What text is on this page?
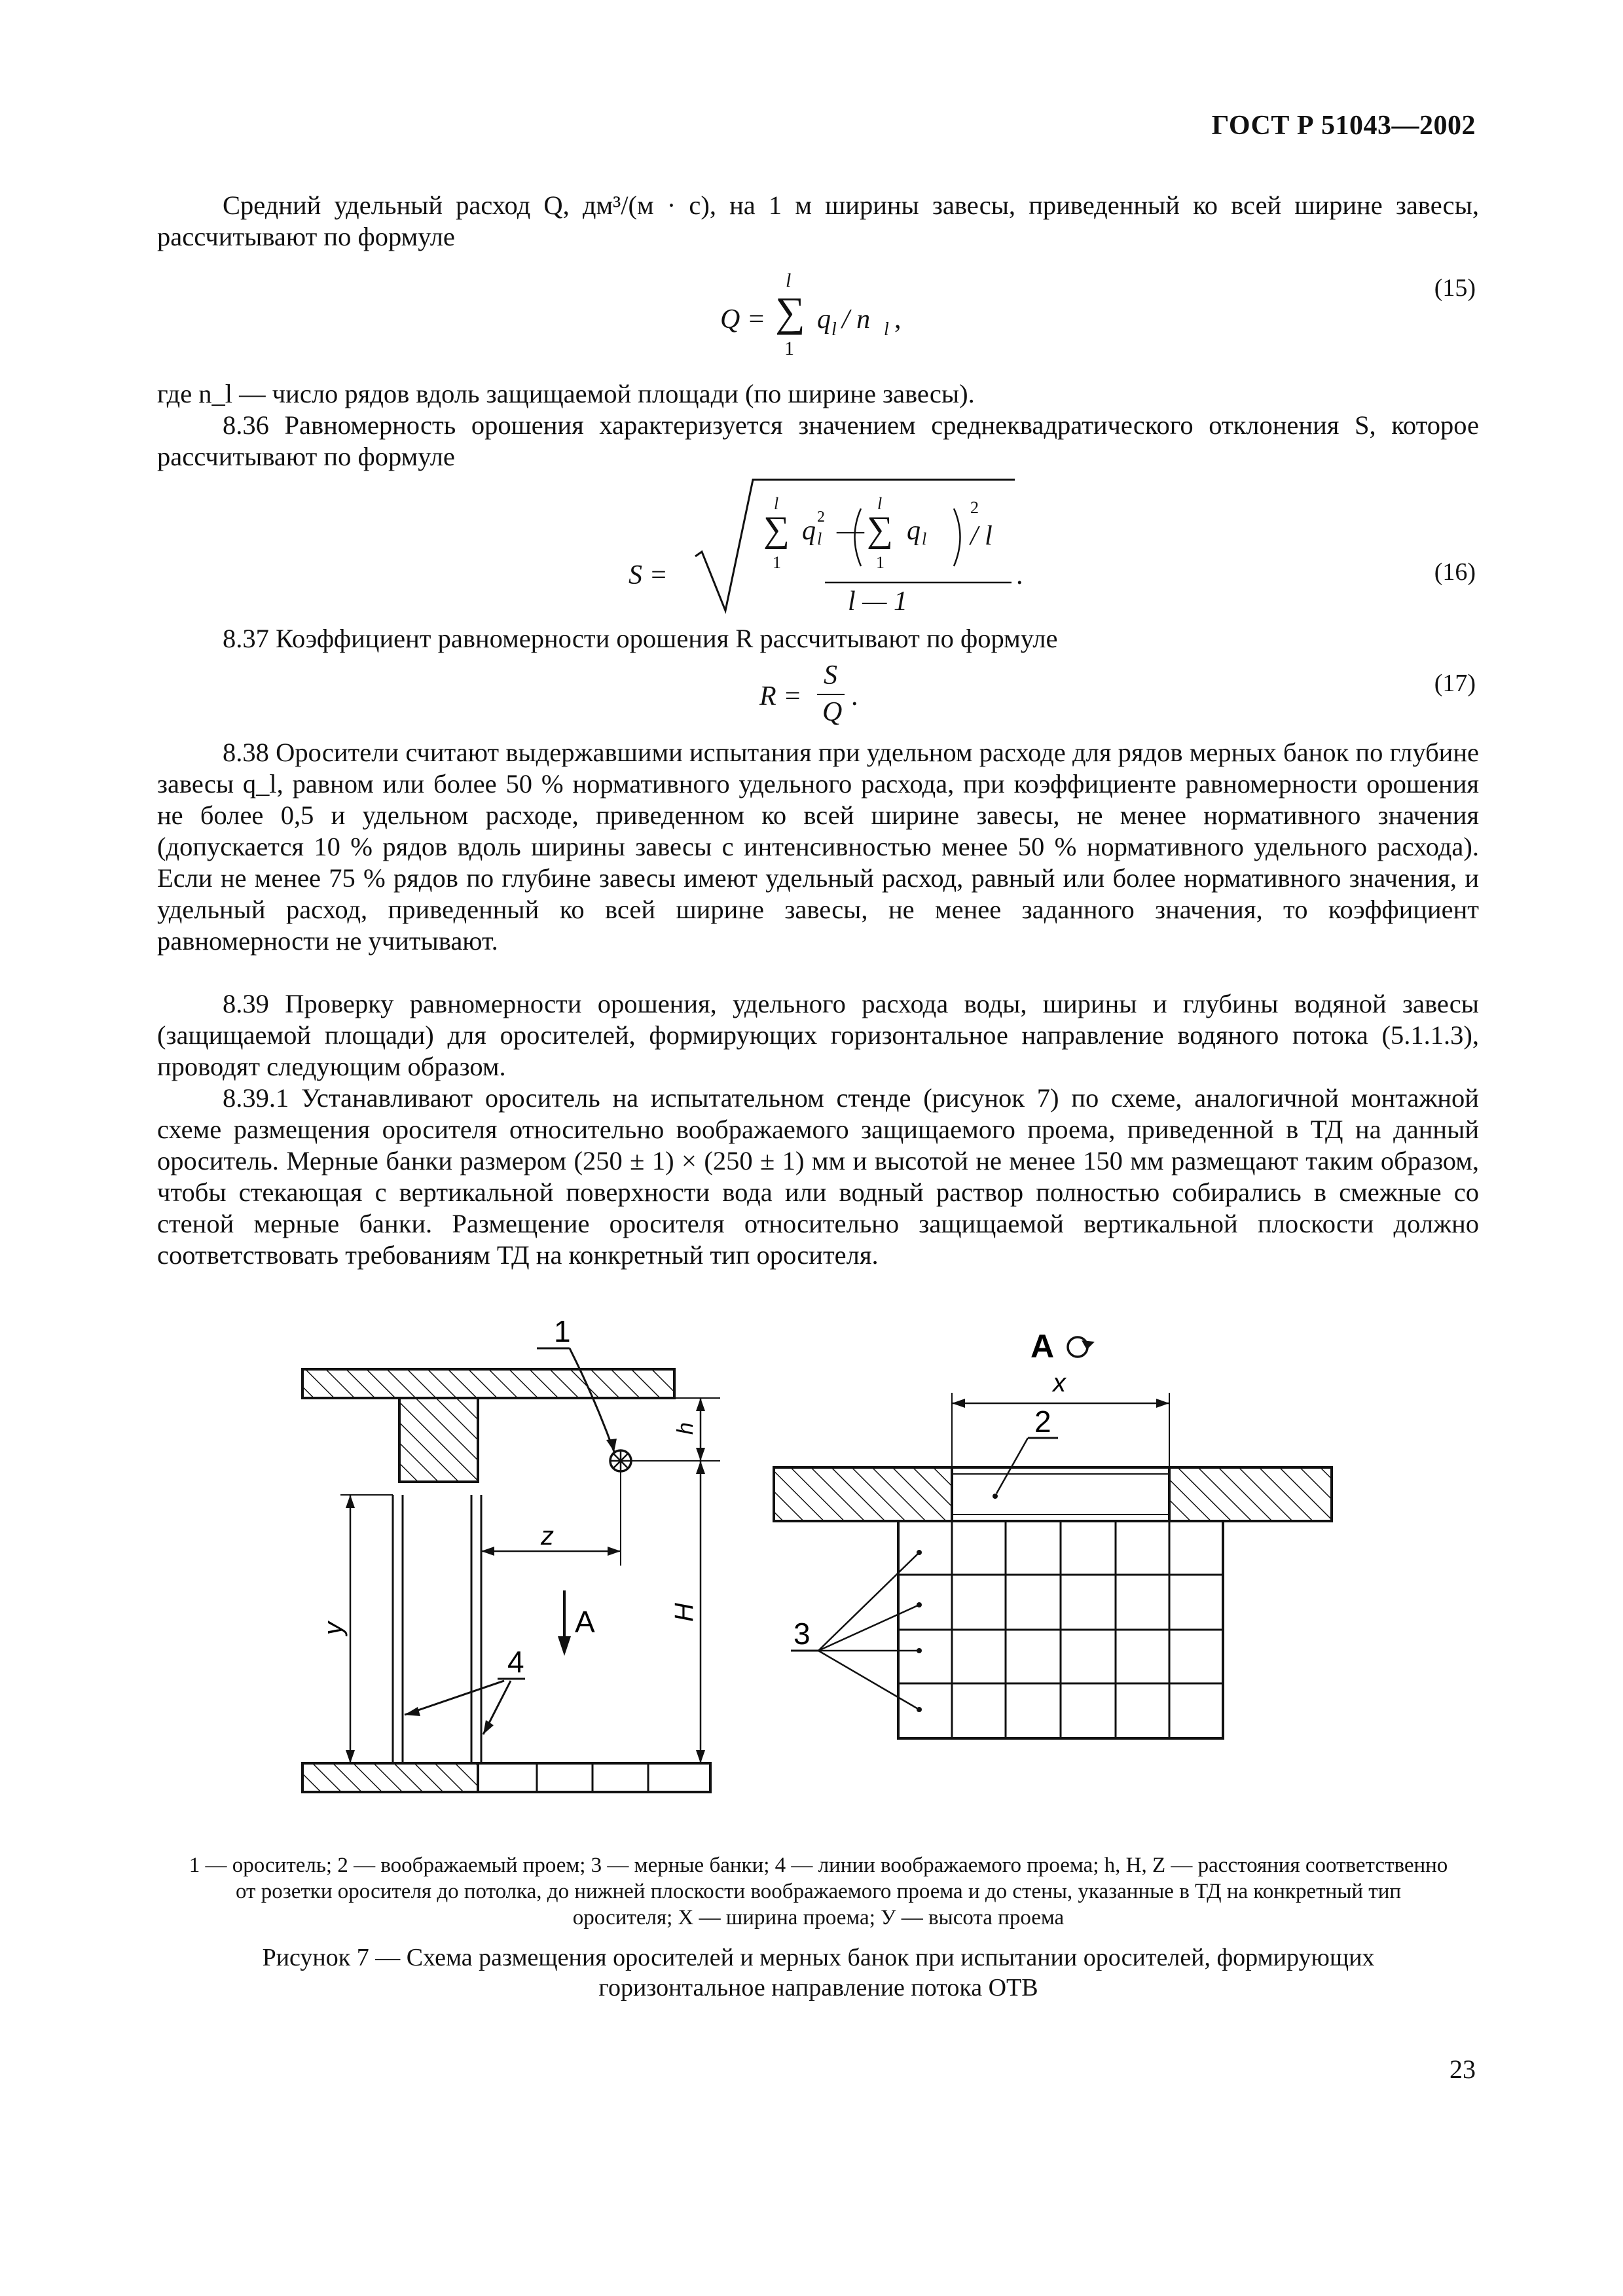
ГОСТ Р 51043—2002

Средний удельный расход Q, дм³/(м · с), на 1 м ширины завесы, приведенный ко всей ширине завесы, рассчитывают по формуле

Q =
l
∑
1
q l / n l ,
(15)

где n_l — число рядов вдоль защищаемой площади (по ширине завесы).

8.36 Равномерность орошения характеризуется значением среднеквадратического отклонения S, которое рассчитывают по формуле

S =
l
∑
1
q 2
l —
l
∑
1
q l
2
/ l
l — 1
.	(16)

8.37 Коэффициент равномерности орошения R рассчитывают по формуле

R =
S
Q
.	(17)

8.38 Оросители считают выдержавшими испытания при удельном расходе для рядов мерных банок по глубине завесы q_l, равном или более 50 % нормативного удельного расхода, при коэффициенте равномерности орошения не более 0,5 и удельном расходе, приведенном ко всей ширине завесы, не менее нормативного значения (допускается 10 % рядов вдоль ширины завесы с интенсивностью менее 50 % нормативного удельного расхода). Если не менее 75 % рядов по глубине завесы имеют удельный расход, равный или более нормативного значения, и удельный расход, приведенный ко всей ширине завесы, не менее заданного значения, то коэффициент равномерности не учитывают.

8.39 Проверку равномерности орошения, удельного расхода воды, ширины и глубины водяной завесы (защищаемой площади) для оросителей, формирующих горизонтальное направление водяного потока (5.1.1.3), проводят следующим образом.

8.39.1 Устанавливают ороситель на испытательном стенде (рисунок 7) по схеме, аналогичной монтажной схеме размещения оросителя относительно воображаемого защищаемого проема, приведенной в ТД на данный ороситель. Мерные банки размером (250 ± 1) × (250 ± 1) мм и высотой не менее 150 мм размещают таким образом, чтобы стекающая с вертикальной поверхности вода или водный раствор полностью собирались в смежные со стеной мерные банки. Размещение оросителя относительно защищаемой вертикальной плоскости должно соответствовать требованиям ТД на конкретный тип оросителя.

1
h
H
z
y	A
4
A
x
2
3
1 — ороситель; 2 — воображаемый проем; 3 — мерные банки; 4 — линии воображаемого проема; h, H, Z — расстояния соответственно от розетки оросителя до потолка, до нижней плоскости воображаемого проема и до стены, указанные в ТД на конкретный тип оросителя; X — ширина проема; У — высота проема
Рисунок 7 — Схема размещения оросителей и мерных банок при испытании оросителей, формирующих горизонтальное направление потока ОТВ
23
